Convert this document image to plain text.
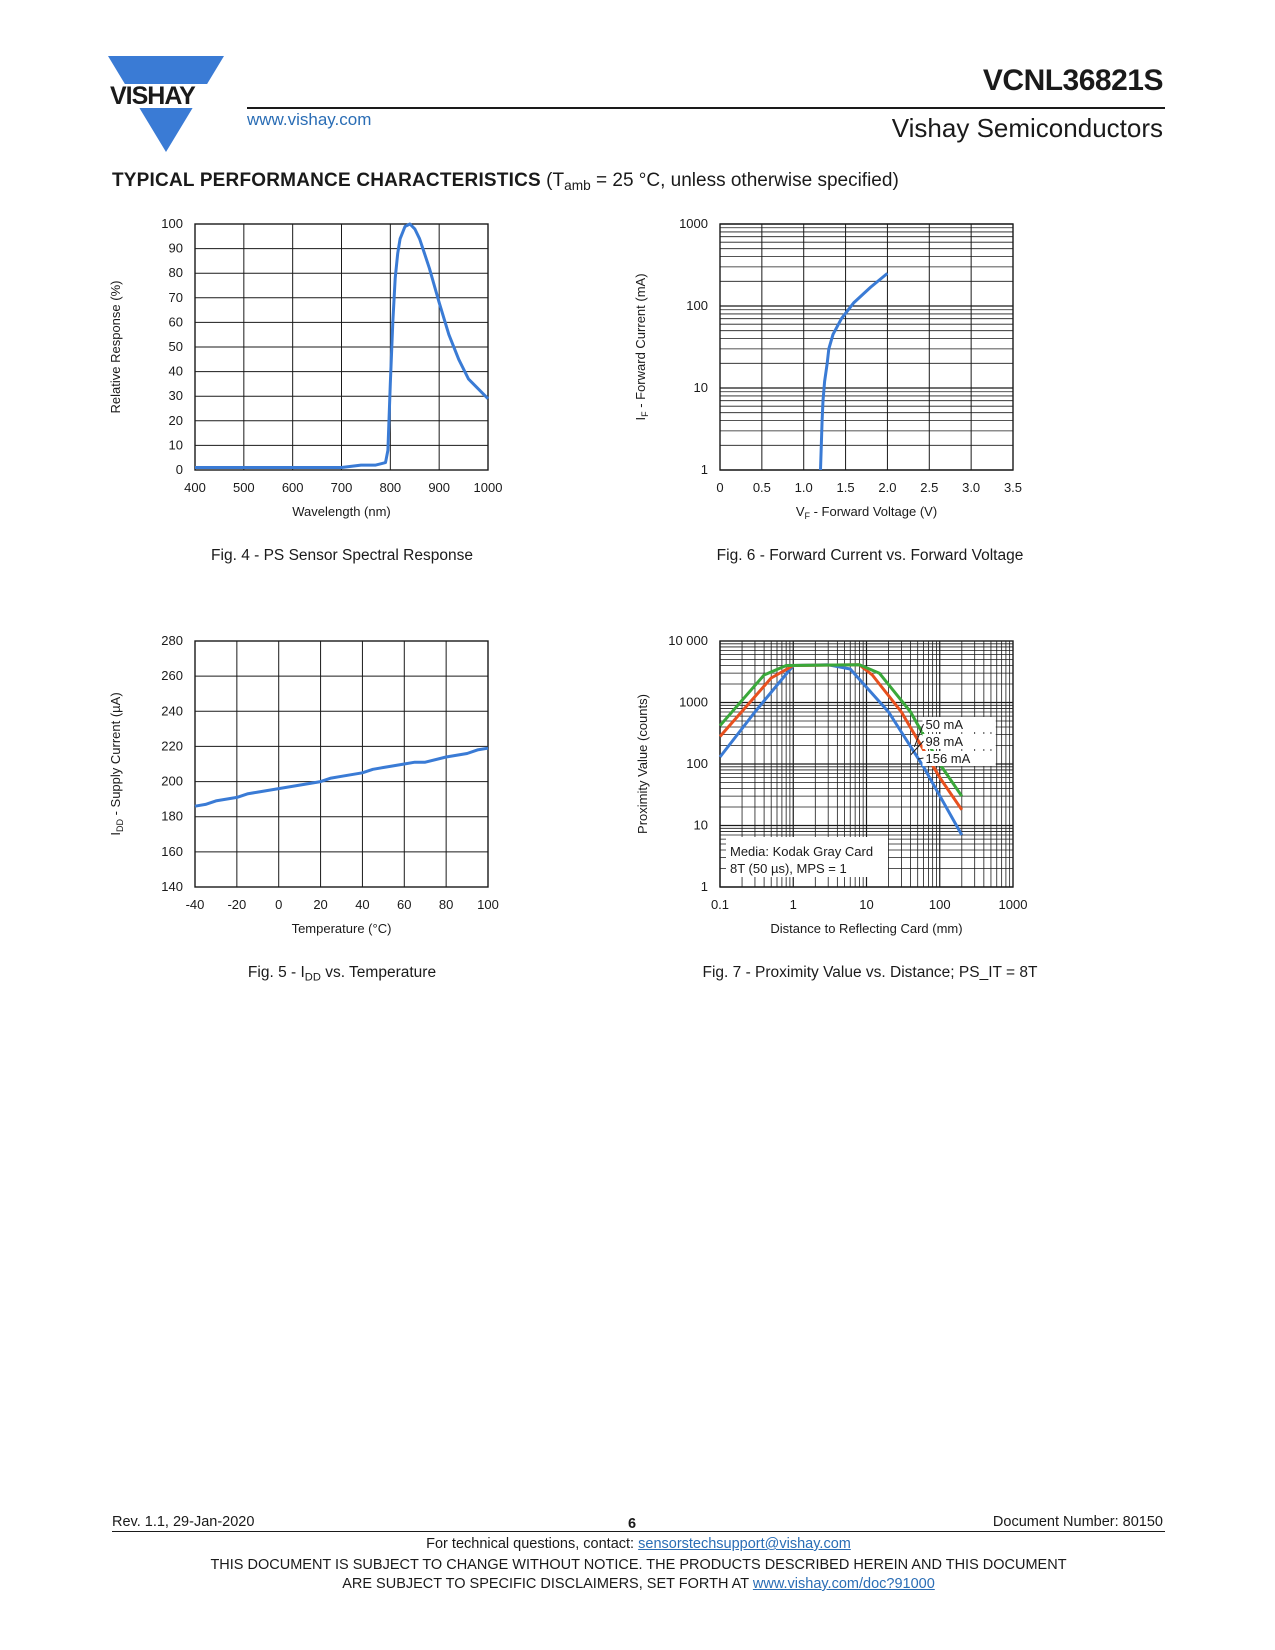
VISHAY
www.vishay.com
VCNL36821S
Vishay Semiconductors
TYPICAL PERFORMANCE CHARACTERISTICS ($T_{amb} = 25$ °C, unless otherwise specified)
400 500 600 700 800 900 1000
0
10
20
30
40
50
60
70
80
90
100
Wavelength (nm)
Relative Response (%)
Fig. 4 - PS Sensor Spectral Response
0 0.5 1.0 1.5 2.0 2.5 3.0 3.5
1
10
100
1000
$V_F$ - Forward Voltage (V)
$I_F$ - Forward Current (mA)
Fig. 6 - Forward Current vs. Forward Voltage
-40 -20 0 20 40 60 80 100
140
160
180
200
220
240
260
280
Temperature (°C)
$I_{DD}$ - Supply Current (µA)
Fig. $5 - I_{DD}$ vs. Temperature
0.1	1	10	100	1000
1
10
100
1000
10 000
50 mA
98 mA
156 mA
Media: Kodak Gray Card
8T (50 µs), MPS = 1
Distance to Reflecting Card (mm)
Proximity Value (counts)
Fig. 7 - Proximity Value vs. Distance; PS_IT = 8T
Rev. 1.1, 29-Jan-2020	6	Document Number: 80150
For technical questions, contact: sensorstechsupport@vishay.com
THIS DOCUMENT IS SUBJECT TO CHANGE WITHOUT NOTICE. THE PRODUCTS DESCRIBED HEREIN AND THIS DOCUMENT
ARE SUBJECT TO SPECIFIC DISCLAIMERS, SET FORTH AT www.vishay.com/doc?91000
